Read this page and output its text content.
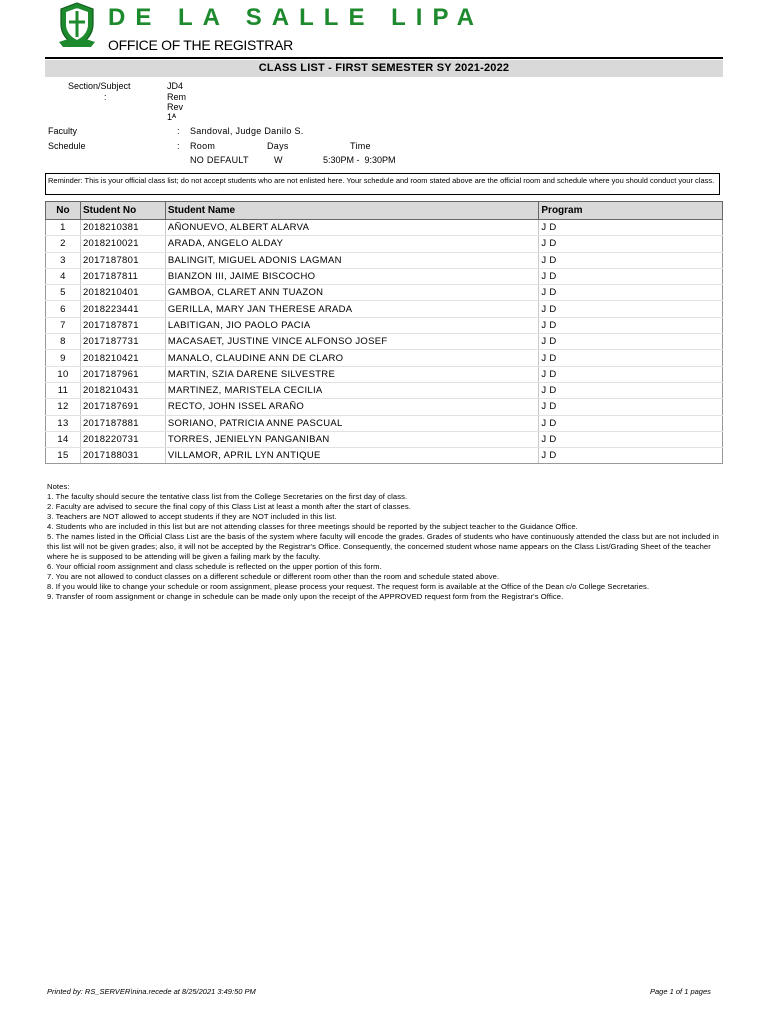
DE LA SALLE LIPA
OFFICE OF THE REGISTRAR
CLASS LIST - FIRST SEMESTER SY 2021-2022
Section/Subject
:
JD4
Rem
Rev
1ᴬ
Faculty	: Sandoval, Judge Danilo S.
Schedule	: Room	Days	Time
NO DEFAULT	W	5:30PM -  9:30PM
Reminder: This is your official class list; do not accept students who are not enlisted here. Your schedule and room stated above are the official room and schedule where you should conduct your class.
No	Student No	Student Name	Program
1	2018210381	AÑONUEVO, ALBERT ALARVA	J D
2	2018210021	ARADA, ANGELO ALDAY	J D
3	2017187801	BALINGIT, MIGUEL ADONIS LAGMAN	J D
4	2017187811	BIANZON III, JAIME BISCOCHO	J D
5	2018210401	GAMBOA, CLARET ANN TUAZON	J D
6	2018223441	GERILLA, MARY JAN THERESE ARADA	J D
7	2017187871	LABITIGAN, JIO PAOLO PACIA	J D
8	2017187731	MACASAET, JUSTINE VINCE ALFONSO JOSEF	J D
9	2018210421	MANALO, CLAUDINE ANN DE CLARO	J D
10	2017187961	MARTIN, SZIA DARENE SILVESTRE	J D
11	2018210431	MARTINEZ, MARISTELA CECILIA	J D
12	2017187691	RECTO, JOHN ISSEL ARAÑO	J D
13	2017187881	SORIANO, PATRICIA ANNE PASCUAL	J D
14	2018220731	TORRES, JENIELYN PANGANIBAN	J D
15	2017188031	VILLAMOR, APRIL LYN ANTIQUE	J D
Notes:
1. The faculty should secure the tentative class list from the College Secretaries on the first day of class.
2. Faculty are advised to secure the final copy of this Class List at least a month after the start of classes.
3. Teachers are NOT allowed to accept students if they are NOT included in this list.
4. Students who are included in this list but are not attending classes for three meetings should be reported by the subject teacher to the Guidance Office.
5. The names listed in the Official Class List are the basis of the system where faculty will encode the grades. Grades of students who have continuously attended the class but are not included in this list will not be given grades; also, it will not be accepted by the Registrar's Office. Consequently, the concerned student whose name appears on the Class List/Grading Sheet of the teacher where he is supposed to be attending will be given a failing mark by the faculty.
6. Your official room assignment and class schedule is reflected on the upper portion of this form.
7. You are not allowed to conduct classes on a different schedule or different room other than the room and schedule stated above.
8. If you would like to change your schedule or room assignment, please process your request. The request form is available at the Office of the Dean c/o College Secretaries.
9. Transfer of room assignment or change in schedule can be made only upon the receipt of the APPROVED request form from the Registrar's Office.
Printed by: RS_SERVER\nina.recede at 8/25/2021 3:49:50 PM	Page 1 of 1 pages
